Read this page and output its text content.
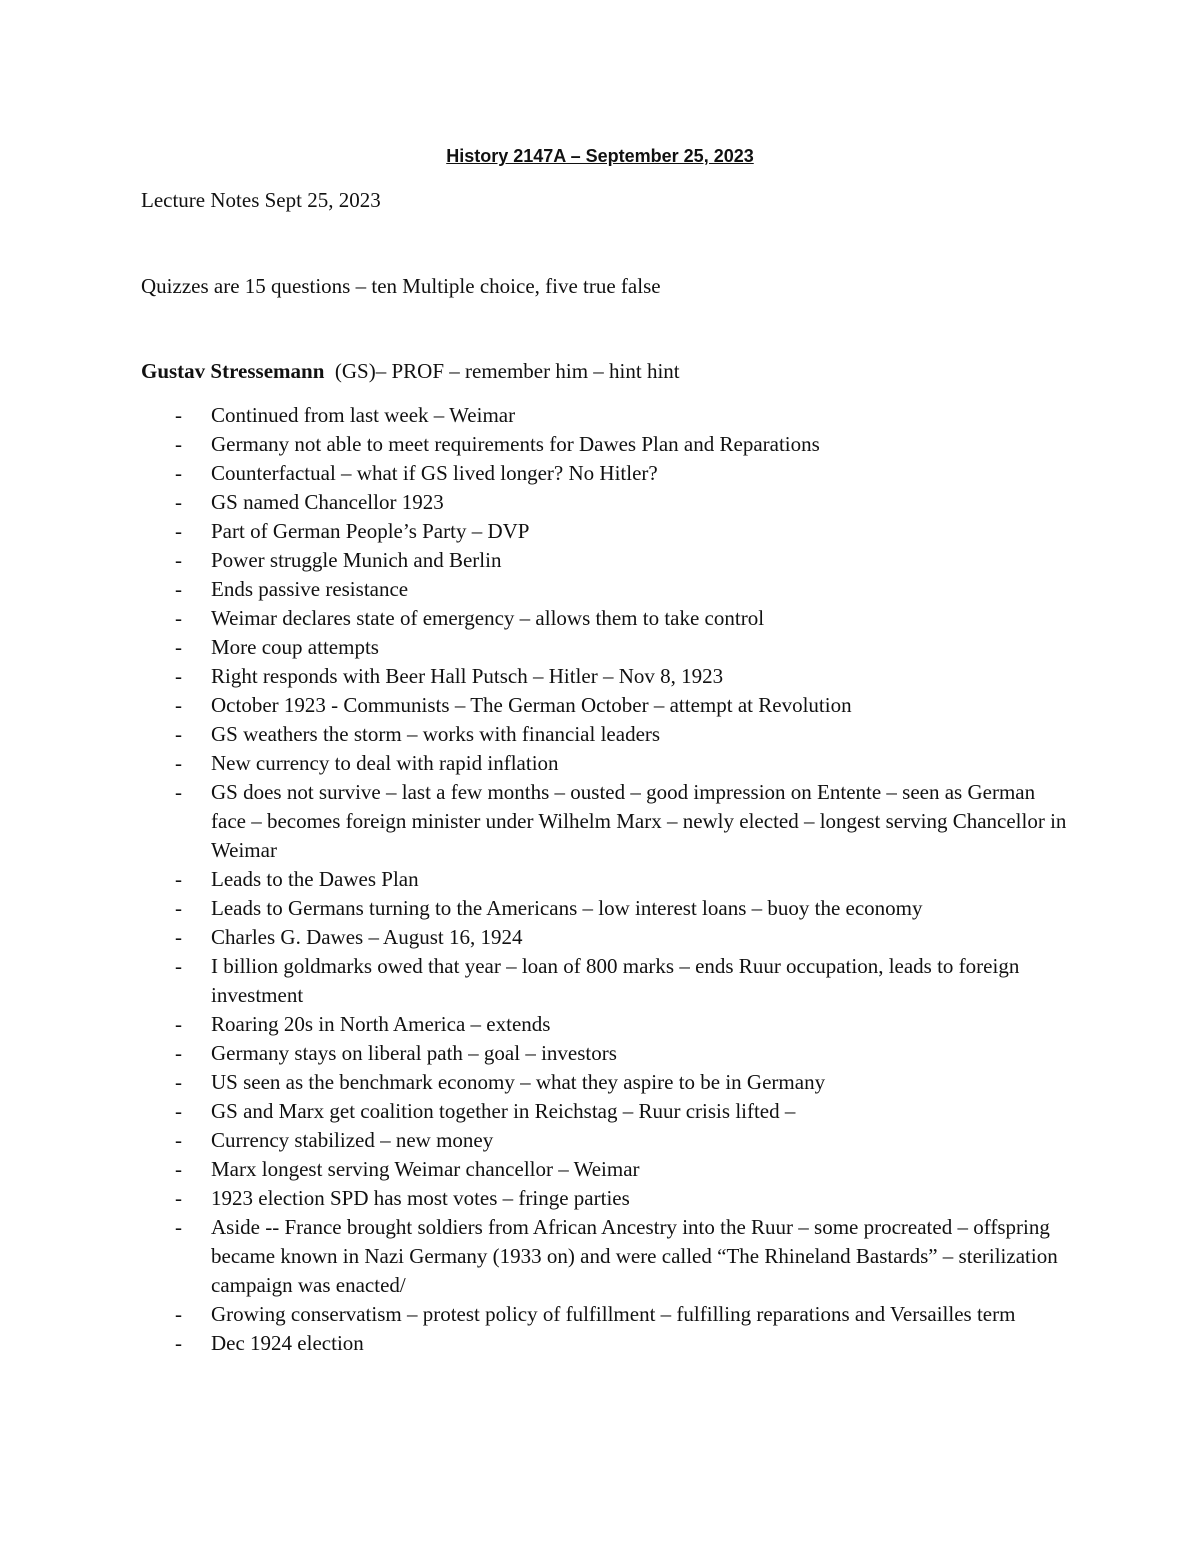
History 2147A – September 25, 2023
Lecture Notes Sept 25, 2023
Quizzes are 15 questions – ten Multiple choice, five true false
Gustav Stressemann (GS)– PROF – remember him – hint hint
- Continued from last week – Weimar
- Germany not able to meet requirements for Dawes Plan and Reparations
- Counterfactual – what if GS lived longer? No Hitler?
- GS named Chancellor 1923
- Part of German People’s Party – DVP
- Power struggle Munich and Berlin
- Ends passive resistance
- Weimar declares state of emergency – allows them to take control
- More coup attempts
- Right responds with Beer Hall Putsch – Hitler – Nov 8, 1923
- October 1923 - Communists – The German October – attempt at Revolution
- GS weathers the storm – works with financial leaders
- New currency to deal with rapid inflation
- GS does not survive – last a few months – ousted – good impression on Entente – seen as German face – becomes foreign minister under Wilhelm Marx – newly elected – longest serving Chancellor in Weimar
- Leads to the Dawes Plan
- Leads to Germans turning to the Americans – low interest loans – buoy the economy
- Charles G. Dawes – August 16, 1924
- I billion goldmarks owed that year – loan of 800 marks – ends Ruur occupation, leads to foreign investment
- Roaring 20s in North America – extends
- Germany stays on liberal path – goal – investors
- US seen as the benchmark economy – what they aspire to be in Germany
- GS and Marx get coalition together in Reichstag – Ruur crisis lifted –
- Currency stabilized – new money
- Marx longest serving Weimar chancellor – Weimar
- 1923 election SPD has most votes – fringe parties
- Aside -- France brought soldiers from African Ancestry into the Ruur – some procreated – offspring became known in Nazi Germany (1933 on) and were called “The Rhineland Bastards” – sterilization campaign was enacted/
- Growing conservatism – protest policy of fulfillment – fulfilling reparations and Versailles term
- Dec 1924 election
